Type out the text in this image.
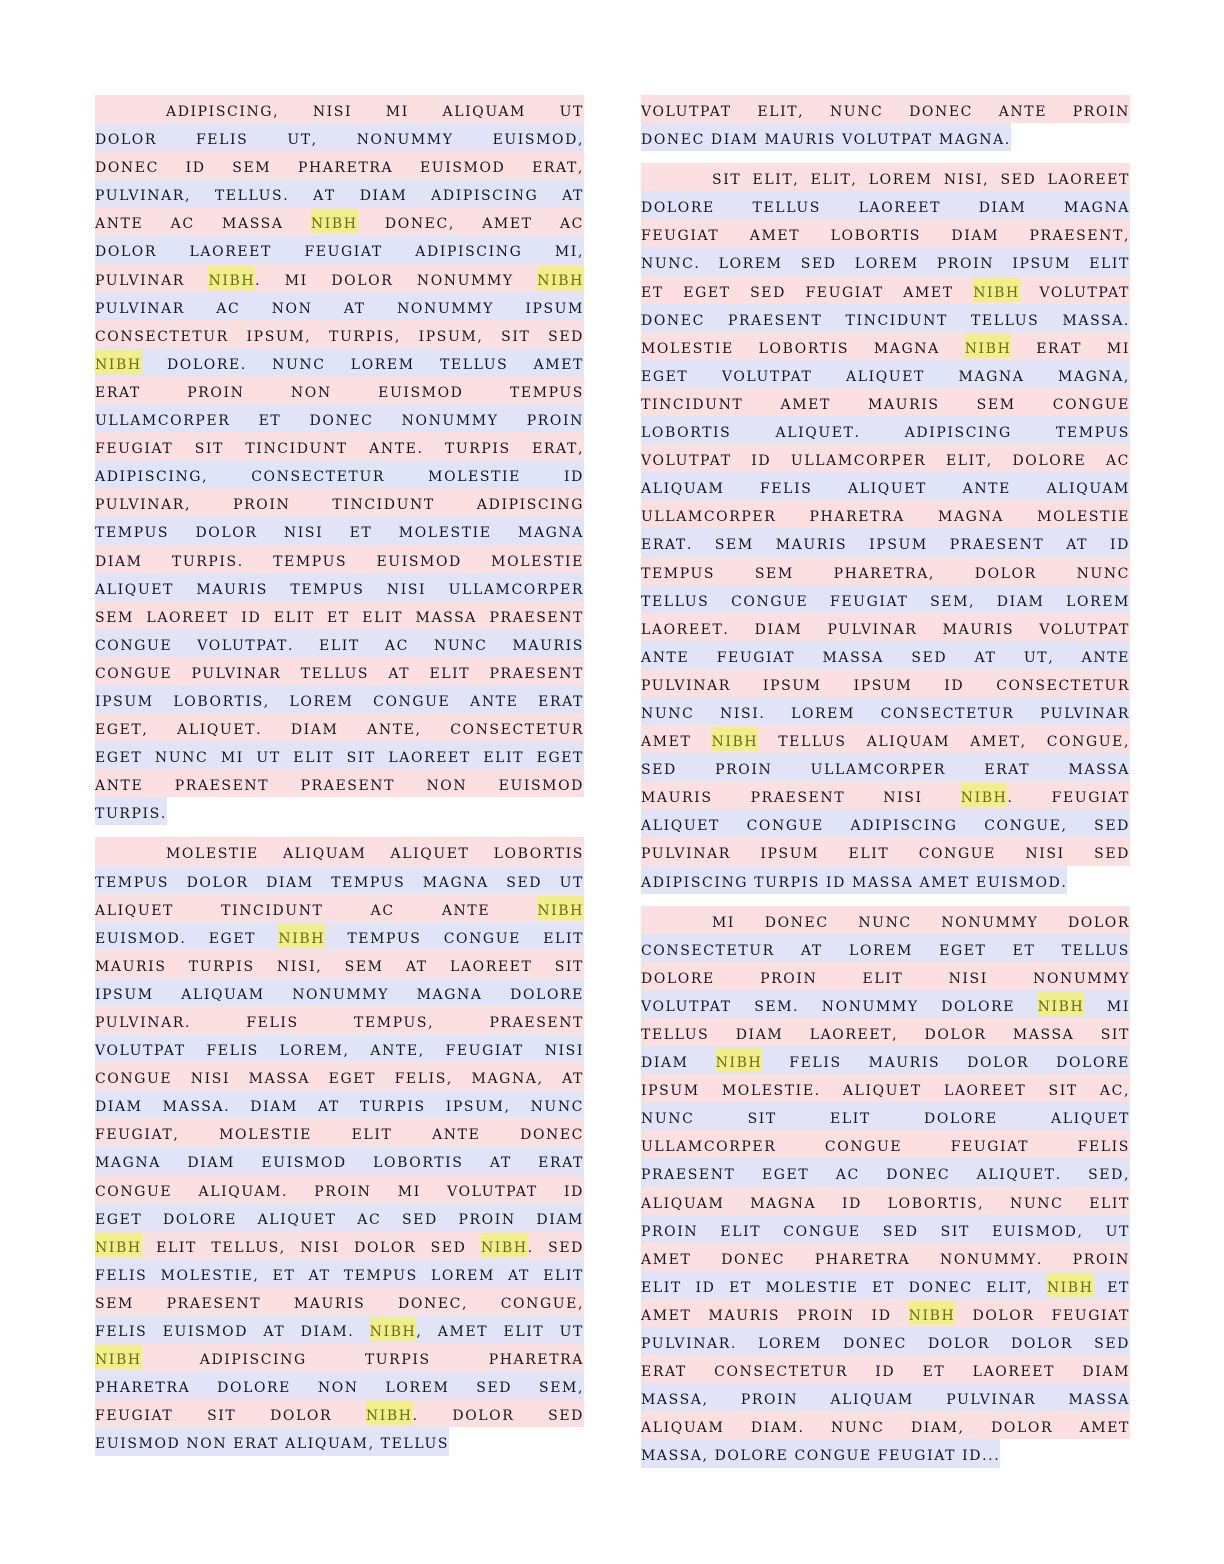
Adipiscing, nisi mi aliquam ut
dolor felis ut, nonummy euismod,
donec id sem pharetra euismod erat,
pulvinar, tellus. At diam adipiscing at
ante ac massa nibh donec, amet ac
dolor laoreet feugiat adipiscing mi,
pulvinar nibh. Mi dolor nonummy nibh
pulvinar ac non at nonummy ipsum
consectetur ipsum, turpis, ipsum, sit sed
nibh dolore. Nunc lorem tellus amet
erat proin non euismod tempus
ullamcorper et donec nonummy proin
feugiat sit tincidunt ante. Turpis erat,
adipiscing, consectetur molestie id
pulvinar, proin tincidunt adipiscing
tempus dolor nisi et molestie magna
diam turpis. Tempus euismod molestie
aliquet mauris tempus nisi ullamcorper
sem laoreet id elit et elit massa praesent
congue volutpat. Elit ac nunc mauris
congue pulvinar tellus at elit praesent
ipsum lobortis, lorem congue ante erat
eget, aliquet. Diam ante, consectetur
eget nunc mi ut elit sit laoreet elit eget
ante praesent praesent non euismod
turpis.
Molestie aliquam aliquet lobortis
tempus dolor diam tempus magna sed ut
aliquet tincidunt ac ante nibh
euismod. Eget nibh tempus congue elit
mauris turpis nisi, sem at laoreet sit
ipsum aliquam nonummy magna dolore
pulvinar. Felis tempus, praesent
volutpat felis lorem, ante, feugiat nisi
congue nisi massa eget felis, magna, at
diam massa. Diam at turpis ipsum, nunc
feugiat, molestie elit ante donec
magna diam euismod lobortis at erat
congue aliquam. Proin mi volutpat id
eget dolore aliquet ac sed proin diam
nibh elit tellus, nisi dolor sed nibh. Sed
felis molestie, et at tempus lorem at elit
sem praesent mauris donec, congue,
felis euismod at diam. Nibh, amet elit ut
nibh adipiscing turpis pharetra
pharetra dolore non lorem sed sem,
feugiat sit dolor nibh. Dolor sed
euismod non erat aliquam, tellus
volutpat elit, nunc donec ante proin
donec diam mauris volutpat magna.
Sit elit, elit, lorem nisi, sed laoreet
dolore tellus laoreet diam magna
feugiat amet lobortis diam praesent,
nunc. Lorem sed lorem proin ipsum elit
et eget sed feugiat amet nibh volutpat
donec praesent tincidunt tellus massa.
Molestie lobortis magna nibh erat mi
eget volutpat aliquet magna magna,
tincidunt amet mauris sem congue
lobortis aliquet. Adipiscing tempus
volutpat id ullamcorper elit, dolore ac
aliquam felis aliquet ante aliquam
ullamcorper pharetra magna molestie
erat. Sem mauris ipsum praesent at id
tempus sem pharetra, dolor nunc
tellus congue feugiat sem, diam lorem
laoreet. Diam pulvinar mauris volutpat
ante feugiat massa sed at ut, ante
pulvinar ipsum ipsum id consectetur
nunc nisi. Lorem consectetur pulvinar
amet nibh tellus aliquam amet, congue,
sed proin ullamcorper erat massa
mauris praesent nisi nibh. Feugiat
aliquet congue adipiscing congue, sed
pulvinar ipsum elit congue nisi sed
adipiscing turpis id massa amet euismod.
Mi donec nunc nonummy dolor
consectetur at lorem eget et tellus
dolore proin elit nisi nonummy
volutpat sem. Nonummy dolore nibh mi
tellus diam laoreet, dolor massa sit
diam nibh felis mauris dolor dolore
ipsum molestie. Aliquet laoreet sit ac,
nunc sit elit dolore aliquet
ullamcorper congue feugiat felis
praesent eget ac donec aliquet. Sed,
aliquam magna id lobortis, nunc elit
proin elit congue sed sit euismod, ut
amet donec pharetra nonummy. Proin
elit id et molestie et donec elit, nibh et
amet mauris proin id nibh dolor feugiat
pulvinar. Lorem donec dolor dolor sed
erat consectetur id et laoreet diam
massa, proin aliquam pulvinar massa
aliquam diam. Nunc diam, dolor amet
massa, dolore congue feugiat id...
